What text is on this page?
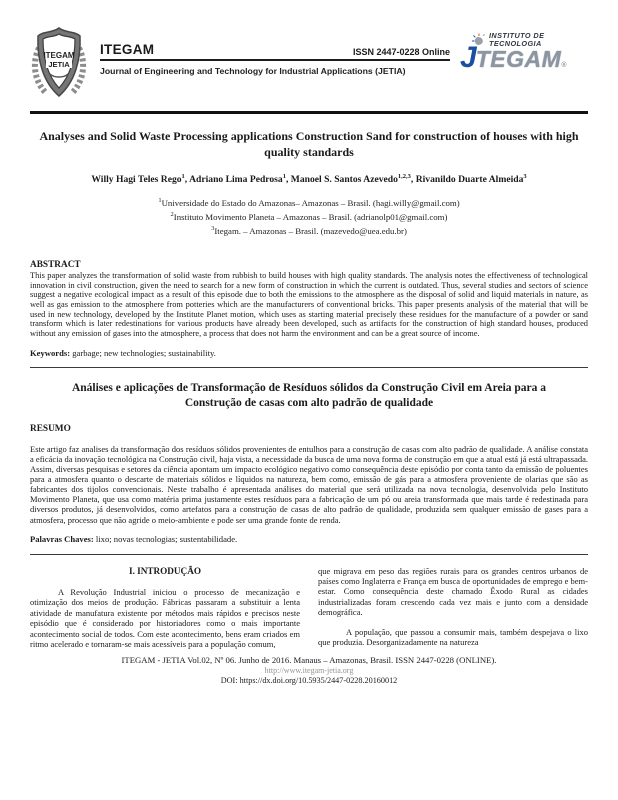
ITEGAM
JETIA
ITEGAM	ISSN 2447-0228 Online
Journal of Engineering and Technology for Industrial Applications (JETIA)
INSTITUTO DE
TECNOLOGIA
JTEGAM®
Analyses and Solid Waste Processing applications Construction Sand for construction of houses with high quality standards
Willy Hagi Teles Rego$^1$, Adriano Lima Pedrosa$^1$, Manoel S. Santos Azevedo$^{1,2,3}$, Rivanildo Duarte Almeida$^3$
$^1$Universidade do Estado do Amazonas– Amazonas – Brasil. (hagi.willy@gmail.com)
$^2$Instituto Movimento Planeta – Amazonas – Brasil. (adrianolp01@gmail.com)
$^3$Itegam. – Amazonas – Brasil. (mazevedo@uea.edu.br)
ABSTRACT

This paper analyzes the transformation of solid waste from rubbish to build houses with high quality standards. The analysis notes the effectiveness of technological innovation in civil construction, given the need to search for a new form of construction in which the current is outdated. Thus, several studies and sectors of science suggest a negative ecological impact as a result of this episode due to both the emissions to the atmosphere as the disposal of solid and liquid materials in nature, as well as gas emission to the atmosphere from potteries which are the manufacturers of conventional bricks. This paper presents analysis of the material that will be used in new technology, developed by the Institute Planet motion, which uses as starting material precisely these residues for the manufacture of a powder or sand transform which is later redestinations for various products have already been developed, such as artifacts for the construction of high standard houses, produced without any emission of gases into the atmosphere, a process that does not harm the environment and can be a great source of income.

Keywords: garbage; new technologies; sustainability.

Análises e aplicações de Transformação de Resíduos sólidos da Construção Civil em Areia para a Construção de casas com alto padrão de qualidade
RESUMO

Este artigo faz analises da transformação dos resíduos sólidos provenientes de entulhos para a construção de casas com alto padrão de qualidade. A análise constata a eficácia da inovação tecnológica na Construção civil, haja vista, a necessidade da busca de uma nova forma de construção em que a atual está já está ultrapassada. Assim, diversas pesquisas e setores da ciência apontam um impacto ecológico negativo como consequência deste episódio por conta tanto da emissão de poluentes para a atmosfera quanto o descarte de materiais sólidos e líquidos na natureza, bem como, emissão de gás para a atmosfera proveniente de olarias que são as fabricantes dos tijolos convencionais. Neste trabalho é apresentada análises do material que será utilizada na nova tecnologia, desenvolvida pelo Instituto Movimento Planeta, que usa como matéria prima justamente estes resíduos para a fabricação de um pó ou areia transformada que mais tarde é redestinada para diversos produtos, já desenvolvidos, como artefatos para a construção de casas de alto padrão de qualidade, produzida sem qualquer emissão de gases para a atmosfera, processo que não agride o meio-ambiente e pode ser uma grande fonte de renda.

Palavras Chaves: lixo; novas tecnologias; sustentabilidade.

I. INTRODUÇÃO

A Revolução Industrial iniciou o processo de mecanização e otimização dos meios de produção. Fábricas passaram a substituir a lenta atividade de manufatura existente por métodos mais rápidos e precisos neste episódio que é considerado por historiadores como o mais importante acontecimento social de todos. Com este acontecimento, bens eram criados em ritmo acelerado e tornaram-se mais acessíveis para a população comum,

que migrava em peso das regiões rurais para os grandes centros urbanos de países como Inglaterra e França em busca de oportunidades de emprego e bem-estar. Como consequência deste chamado Êxodo Rural as cidades industrializadas foram crescendo cada vez mais e junto com a densidade demográfica.

A população, que passou a consumir mais, também despejava o lixo que produzia. Desorganizadamente na natureza

ITEGAM - JETIA Vol.02, Nº 06. Junho de 2016. Manaus – Amazonas, Brasil. ISSN 2447-0228 (ONLINE).
http://www.itegam-jetia.org
DOI: https://dx.doi.org/10.5935/2447-0228.20160012
